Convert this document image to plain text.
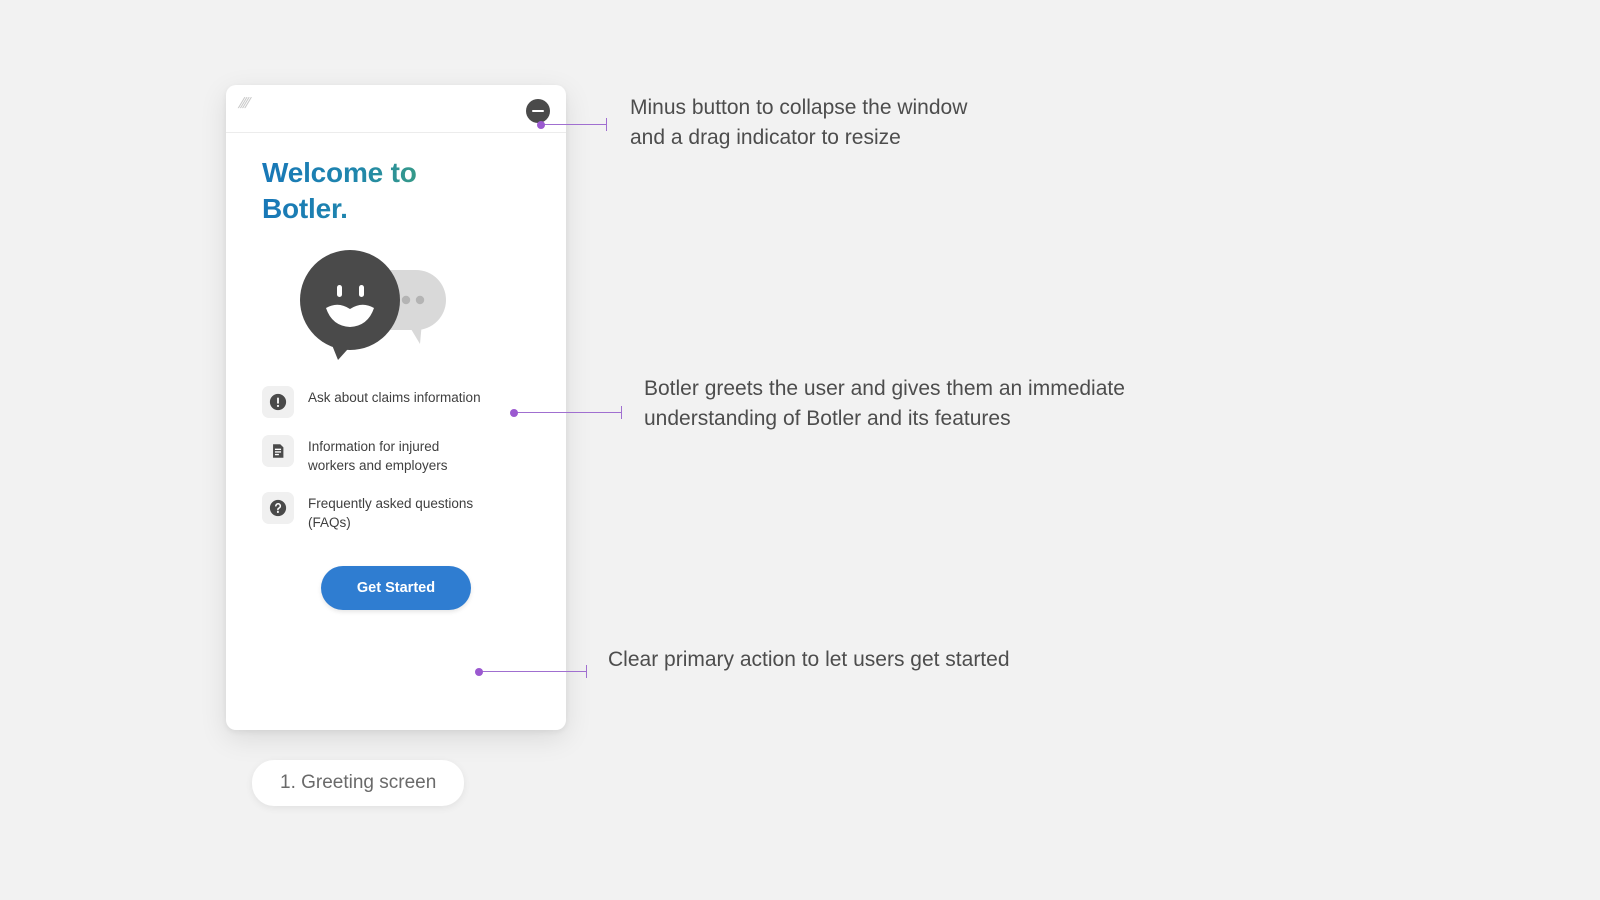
////
Welcome to
Botler.
Ask about claims information
Information for injured workers and employers
Frequently asked questions (FAQs)
Get Started
1. Greeting screen
Minus button to collapse the window
and a drag indicator to resize
Botler greets the user and gives them an immediate
understanding of Botler and its features
Clear primary action to let users get started
